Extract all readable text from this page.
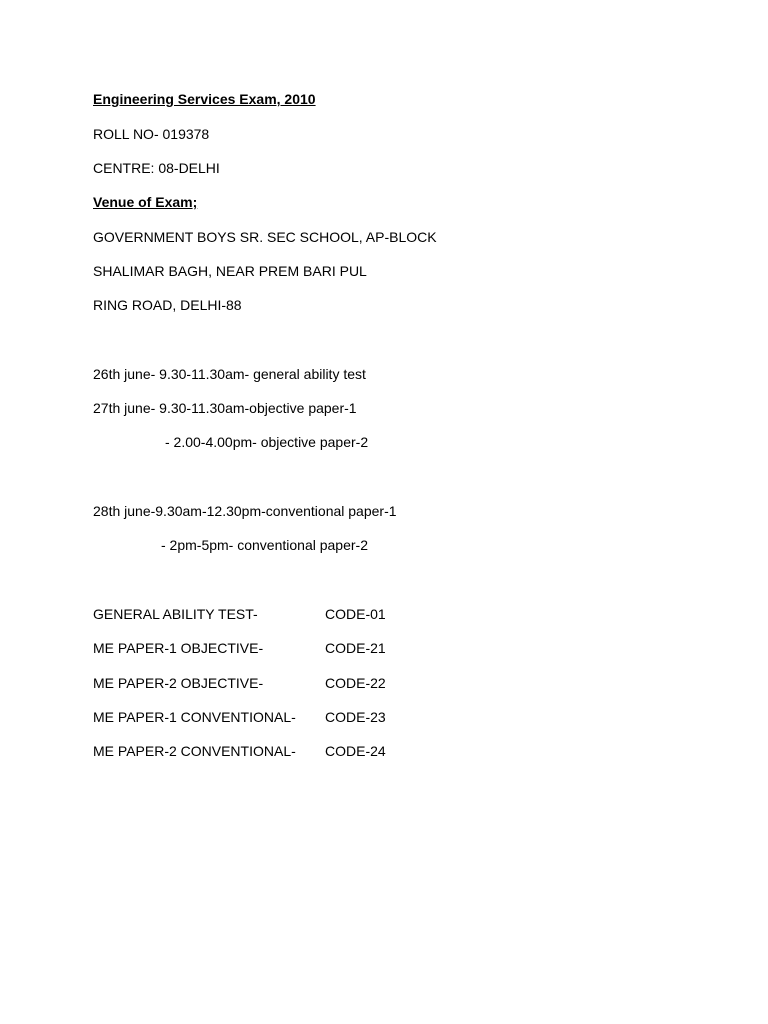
Engineering Services Exam, 2010
ROLL NO- 019378
CENTRE: 08-DELHI
Venue of Exam;
GOVERNMENT BOYS SR. SEC SCHOOL, AP-BLOCK
SHALIMAR BAGH, NEAR PREM BARI PUL
RING ROAD, DELHI-88
26th june- 9.30-11.30am- general ability test
27th june- 9.30-11.30am-objective paper-1
- 2.00-4.00pm- objective paper-2
28th june-9.30am-12.30pm-conventional paper-1
- 2pm-5pm- conventional paper-2
GENERAL ABILITY TEST-	CODE-01
ME PAPER-1 OBJECTIVE-	CODE-21
ME PAPER-2 OBJECTIVE-	CODE-22
ME PAPER-1 CONVENTIONAL- CODE-23
ME PAPER-2 CONVENTIONAL- CODE-24
